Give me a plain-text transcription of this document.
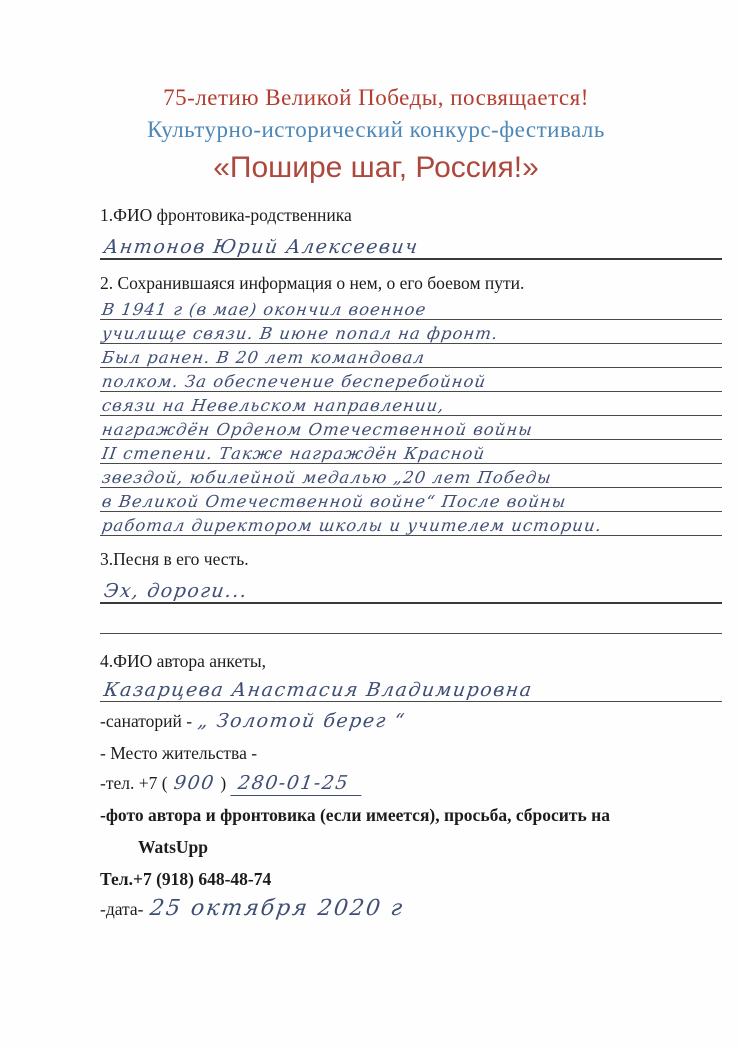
75-летию Великой Победы, посвящается!
Культурно-исторический конкурс-фестиваль
«Пошире шаг, Россия!»
1.ФИО фронтовика-родственника
Антонов Юрий Алексеевич
2. Сохранившаяся информация о нем, о его боевом пути.
В 1941 г (в мае) окончил военное
училище связи. В июне попал на фронт.
Был ранен. В 20 лет командовал
полком. За обеспечение бесперебойной
связи на Невельском направлении,
награждён Орденом Отечественной войны
II степени. Также награждён Красной
звездой, юбилейной медалью „20 лет Победы
в Великой Отечественной войне“ После войны
работал директором школы и учителем истории.
3.Песня в его честь.
Эх, дороги...
4.ФИО автора анкеты,
Казарцева Анастасия Владимировна
-санаторий - „ Золотой берег “
- Место жительства -
-тел. +7 ( 900 ) 280-01-25
-фото автора и фронтовика (если имеется), просьба, сбросить на
WatsUpp
Тел.+7 (918) 648-48-74
-дата- 25 октября 2020 г
